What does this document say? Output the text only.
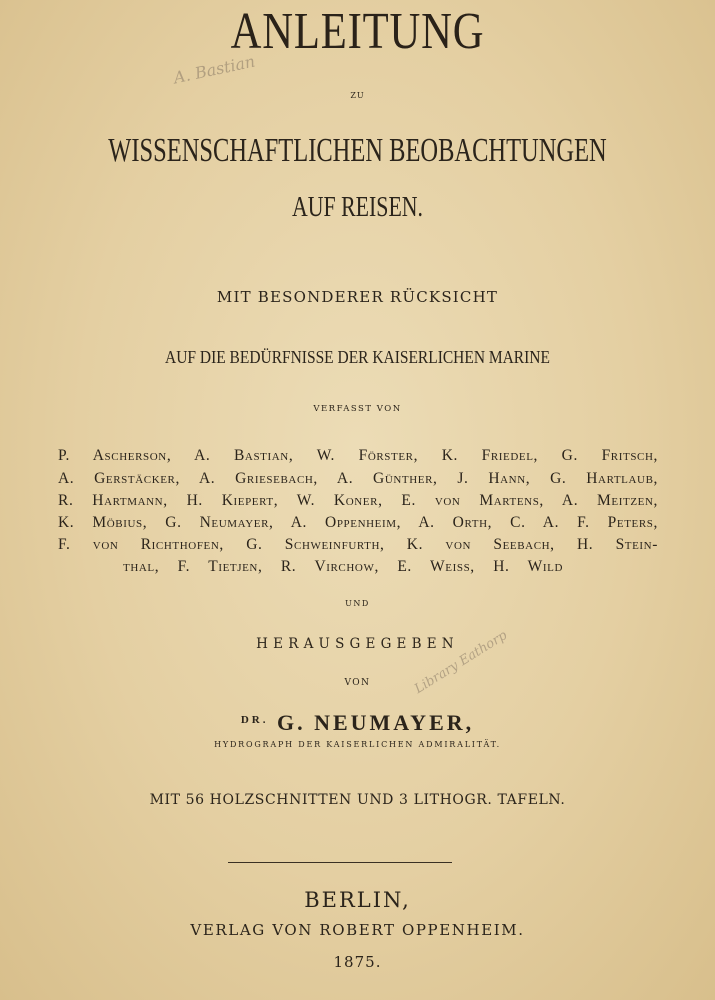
ANLEITUNG
A. Bastian
ZU
WISSENSCHAFTLICHEN BEOBACHTUNGEN
AUF REISEN.
MIT BESONDERER RÜCKSICHT
AUF DIE BEDÜRFNISSE DER KAISERLICHEN MARINE
VERFASST VON
P. Ascherson, A. Bastian, W. Förster, K. Friedel, G. Fritsch,
A. Gerstäcker, A. Griesebach, A. Günther, J. Hann, G. Hartlaub,
R. Hartmann, H. Kiepert, W. Koner, E. von Martens, A. Meitzen,
K. Möbius, G. Neumayer, A. Oppenheim, A. Orth, C. A. F. Peters,
F. von Richthofen, G. Schweinfurth, K. von Seebach, H. Stein-
thal, F. Tietjen, R. Virchow, E. Weiss, H. Wild
UND
HERAUSGEGEBEN
VON	Library Eathorp
$^{DR.}$ G. NEUMAYER,
HYDROGRAPH DER KAISERLICHEN ADMIRALITÄT.
MIT 56 HOLZSCHNITTEN UND 3 LITHOGR. TAFELN.
BERLIN,
VERLAG VON ROBERT OPPENHEIM.
1875.
